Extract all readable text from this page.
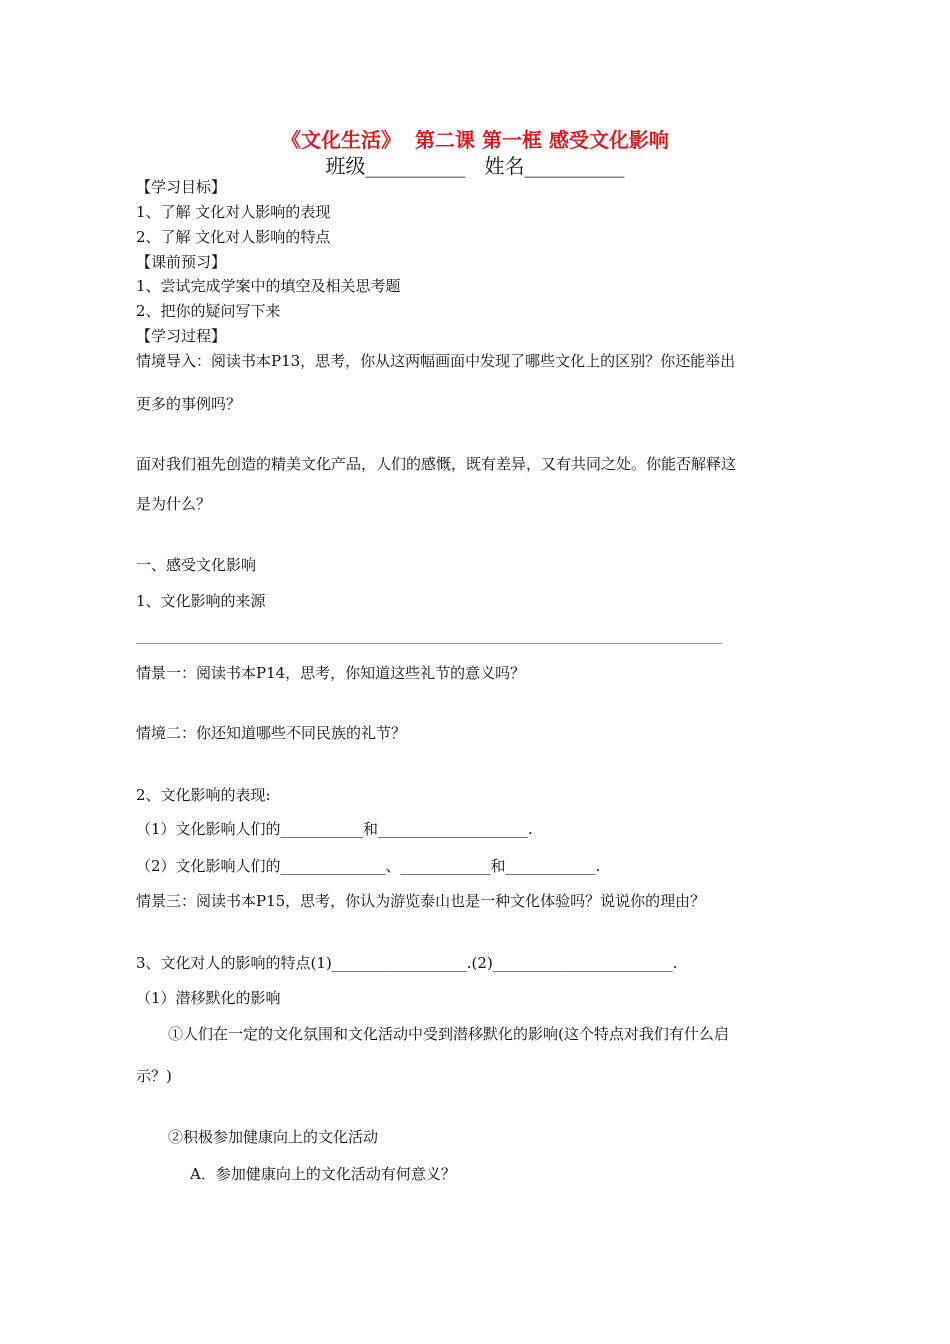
《文化生活》  第二课 第一框 感受文化影响
班级__________   姓名__________
【学习目标】
1、了解 文化对人影响的表现
2、了解 文化对人影响的特点
【课前预习】
1、尝试完成学案中的填空及相关思考题
2、把你的疑问写下来
【学习过程】
情境导入：阅读书本P13，思考，你从这两幅画面中发现了哪些文化上的区别？你还能举出
更多的事例吗？
面对我们祖先创造的精美文化产品，人们的感慨，既有差异，又有共同之处。你能否解释这
是为什么？
一、感受文化影响
1、文化影响的来源
情景一：阅读书本P14，思考，你知道这些礼节的意义吗？
情境二：你还知道哪些不同民族的礼节？
2、文化影响的表现:
（1）文化影响人们的___________和____________________.
（2）文化影响人们的______________、____________和____________.
情景三：阅读书本P15，思考，你认为游览泰山也是一种文化体验吗？说说你的理由？
3、文化对人的影响的特点(1)__________________.(2)________________________.
（1）潜移默化的影响
①人们在一定的文化氛围和文化活动中受到潜移默化的影响(这个特点对我们有什么启
示？)
②积极参加健康向上的文化活动
A．参加健康向上的文化活动有何意义？
